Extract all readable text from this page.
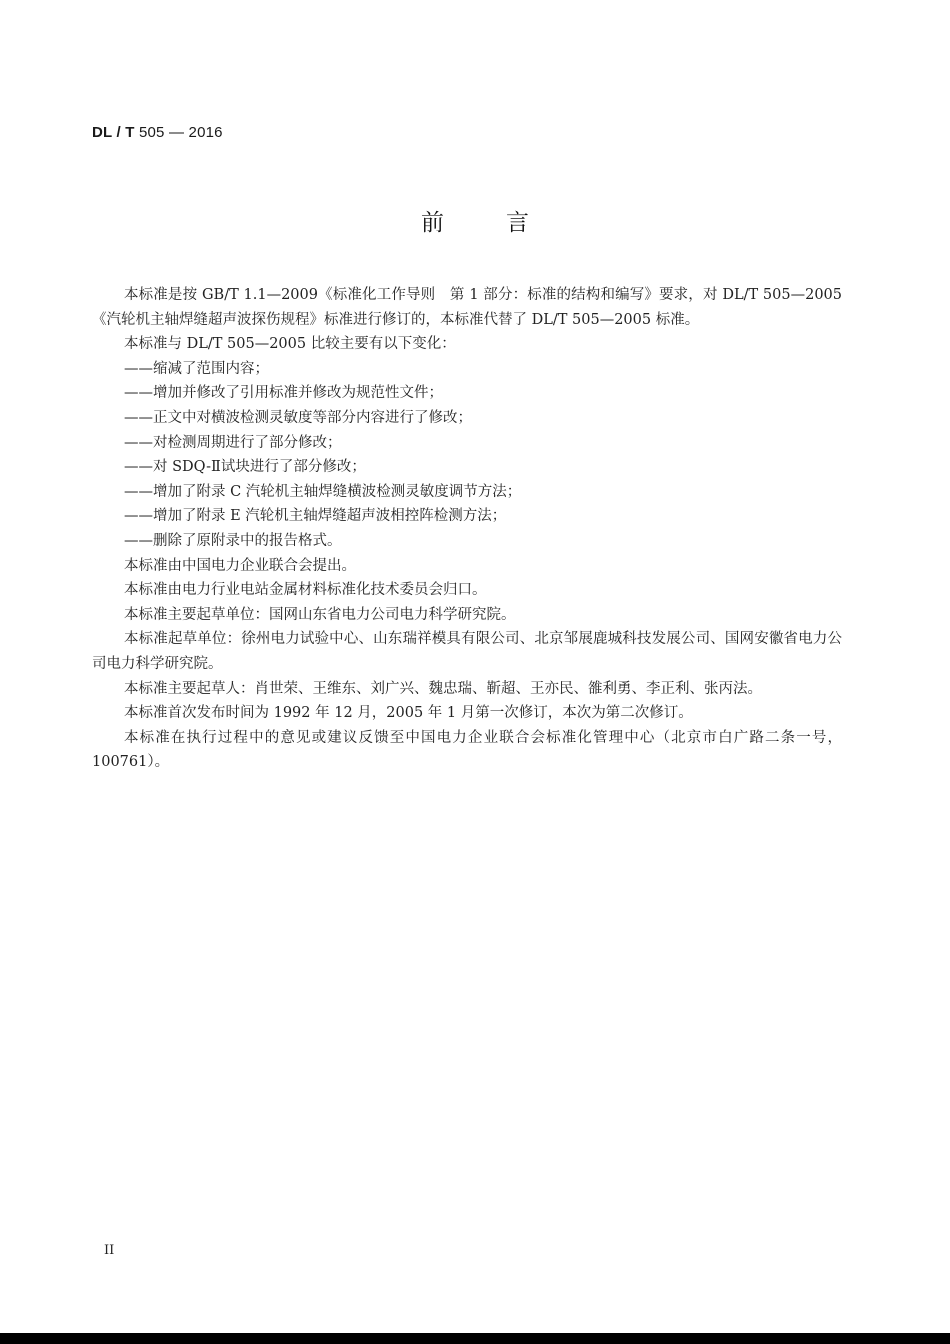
DL / T 505 — 2016
前言

本标准是按 GB/T 1.1—2009《标准化工作导则　第 1 部分：标准的结构和编写》要求，对 DL/T 505—2005《汽轮机主轴焊缝超声波探伤规程》标准进行修订的，本标准代替了 DL/T 505—2005 标准。

本标准与 DL/T 505—2005 比较主要有以下变化：

——缩减了范围内容；

——增加并修改了引用标准并修改为规范性文件；

——正文中对横波检测灵敏度等部分内容进行了修改；

——对检测周期进行了部分修改；

——对 SDQ-Ⅱ试块进行了部分修改；

——增加了附录 C 汽轮机主轴焊缝横波检测灵敏度调节方法；

——增加了附录 E 汽轮机主轴焊缝超声波相控阵检测方法；

——删除了原附录中的报告格式。

本标准由中国电力企业联合会提出。

本标准由电力行业电站金属材料标准化技术委员会归口。

本标准主要起草单位：国网山东省电力公司电力科学研究院。

本标准起草单位：徐州电力试验中心、山东瑞祥模具有限公司、北京邹展鹿城科技发展公司、国网安徽省电力公司电力科学研究院。

本标准主要起草人：肖世荣、王维东、刘广兴、魏忠瑞、靳超、王亦民、雒利勇、李正利、张丙法。

本标准首次发布时间为 1992 年 12 月，2005 年 1 月第一次修订，本次为第二次修订。

本标准在执行过程中的意见或建议反馈至中国电力企业联合会标准化管理中心（北京市白广路二条一号，100761）。

II
